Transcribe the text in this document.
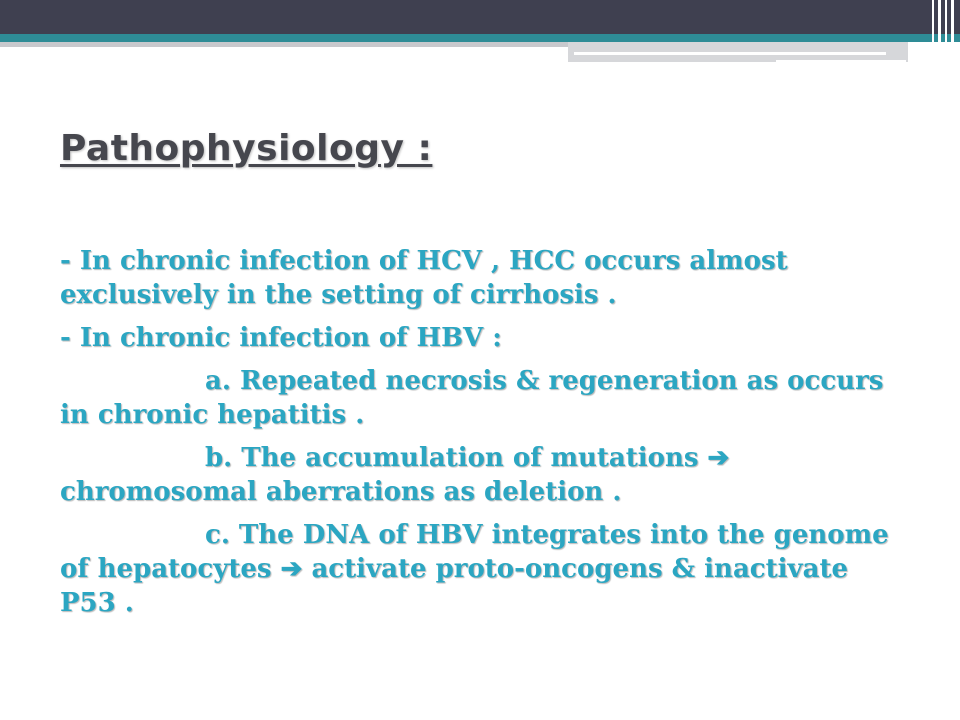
Pathophysiology :

- In chronic infection of HCV , HCC occurs almost exclusively in the setting of cirrhosis .

- In chronic infection of HBV :

a. Repeated necrosis & regeneration as occurs in chronic hepatitis .

b. The accumulation of mutations ➔ chromosomal aberrations as deletion .

c. The DNA of HBV integrates into the genome of hepatocytes ➔ activate proto-oncogens & inactivate P53 .
